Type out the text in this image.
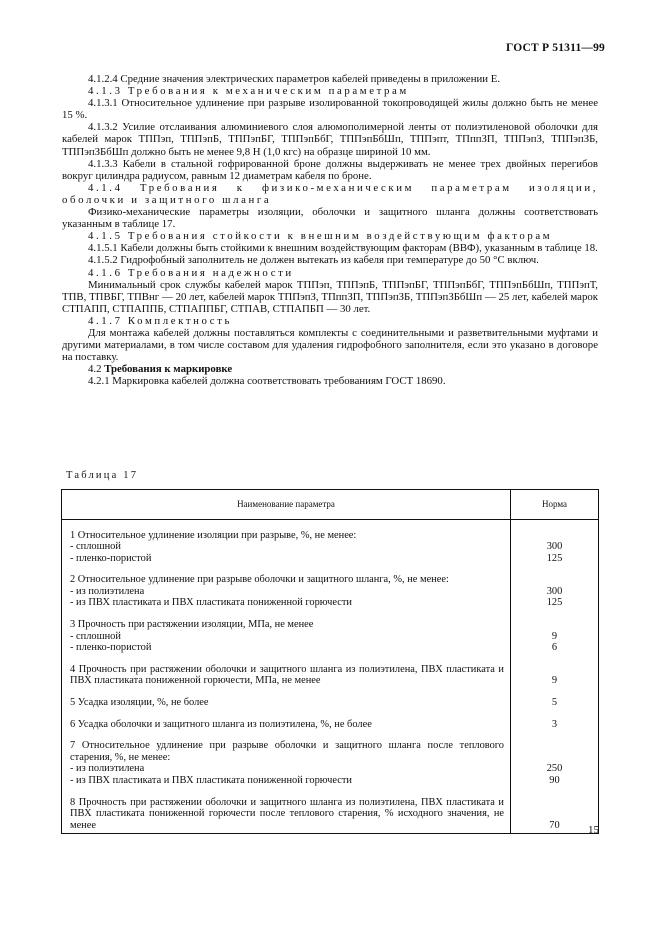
ГОСТ Р 51311—99

4.1.2.4 Средние значения электрических параметров кабелей приведены в приложении Е.

4.1.3 Требования к механическим параметрам

4.1.3.1 Относительное удлинение при разрыве изолированной токопроводящей жилы должно быть не менее 15 %.

4.1.3.2 Усилие отслаивания алюминиевого слоя алюмополимерной ленты от полиэтиленовой оболочки для кабелей марок ТППэп, ТППэпБ, ТППэпБГ, ТППэпБбГ, ТППэпБбШп, ТППэпт, ТПппЗП, ТППэпЗ, ТППэпЗБ, ТППэпЗБбШп должно быть не менее 9,8 Н (1,0 кгс) на образце шириной 10 мм.

4.1.3.3 Кабели в стальной гофрированной броне должны выдерживать не менее трех двойных перегибов вокруг цилиндра радиусом, равным 12 диаметрам кабеля по броне.

4.1.4 Требования к физико-механическим параметрам изоляции, оболочки и защитного шланга

Физико-механические параметры изоляции, оболочки и защитного шланга должны соответствовать указанным в таблице 17.

4.1.5 Требования стойкости к внешним воздействующим факторам

4.1.5.1 Кабели должны быть стойкими к внешним воздействующим факторам (ВВФ), указанным в таблице 18.

4.1.5.2 Гидрофобный заполнитель не должен вытекать из кабеля при температуре до 50 °С включ.

4.1.6 Требования надежности

Минимальный срок службы кабелей марок ТППэп, ТППэпБ, ТППэпБГ, ТППэпБбГ, ТППэпБбШп, ТППэпТ, ТПВ, ТПВБГ, ТПВнг — 20 лет, кабелей марок ТППэпЗ, ТПппЗП, ТППэпЗБ, ТППэпЗБбШп — 25 лет, кабелей марок СТПАПП, СТПАППБ, СТПАППБГ, СТПАВ, СТПАПБП — 30 лет.

4.1.7 Комплектность

Для монтажа кабелей должны поставляться комплекты с соединительными и разветвительными муфтами и другими материалами, в том числе составом для удаления гидрофобного заполнителя, если это указано в договоре на поставку.

4.2 Требования к маркировке

4.2.1 Маркировка кабелей должна соответствовать требованиям ГОСТ 18690.

Таблица 17
Наименование параметра	Норма

1 Относительное удлинение изоляции при разрыве, %, не менее:	
- сплошной	300
- пленко-пористой	125

2 Относительное удлинение при разрыве оболочки и защитного шланга, %, не менее:	
- из полиэтилена	300
- из ПВХ пластиката и ПВХ пластиката пониженной горючести	125

3 Прочность при растяжении изоляции, МПа, не менее	
- сплошной	9
- пленко-пористой	6

4 Прочность при растяжении оболочки и защитного шланга из полиэтилена, ПВХ пластиката и ПВХ пластиката пониженной горючести, МПа, не менее	9

5 Усадка изоляции, %, не более	5

6 Усадка оболочки и защитного шланга из полиэтилена, %, не более	3

7 Относительное удлинение при разрыве оболочки и защитного шланга после теплового старения, %, не менее:	
- из полиэтилена	250
- из ПВХ пластиката и ПВХ пластиката пониженной горючести	90

8 Прочность при растяжении оболочки и защитного шланга из полиэтилена, ПВХ пластиката и ПВХ пластиката пониженной горючести после теплового старения, % исходного значения, не менее	70	15
